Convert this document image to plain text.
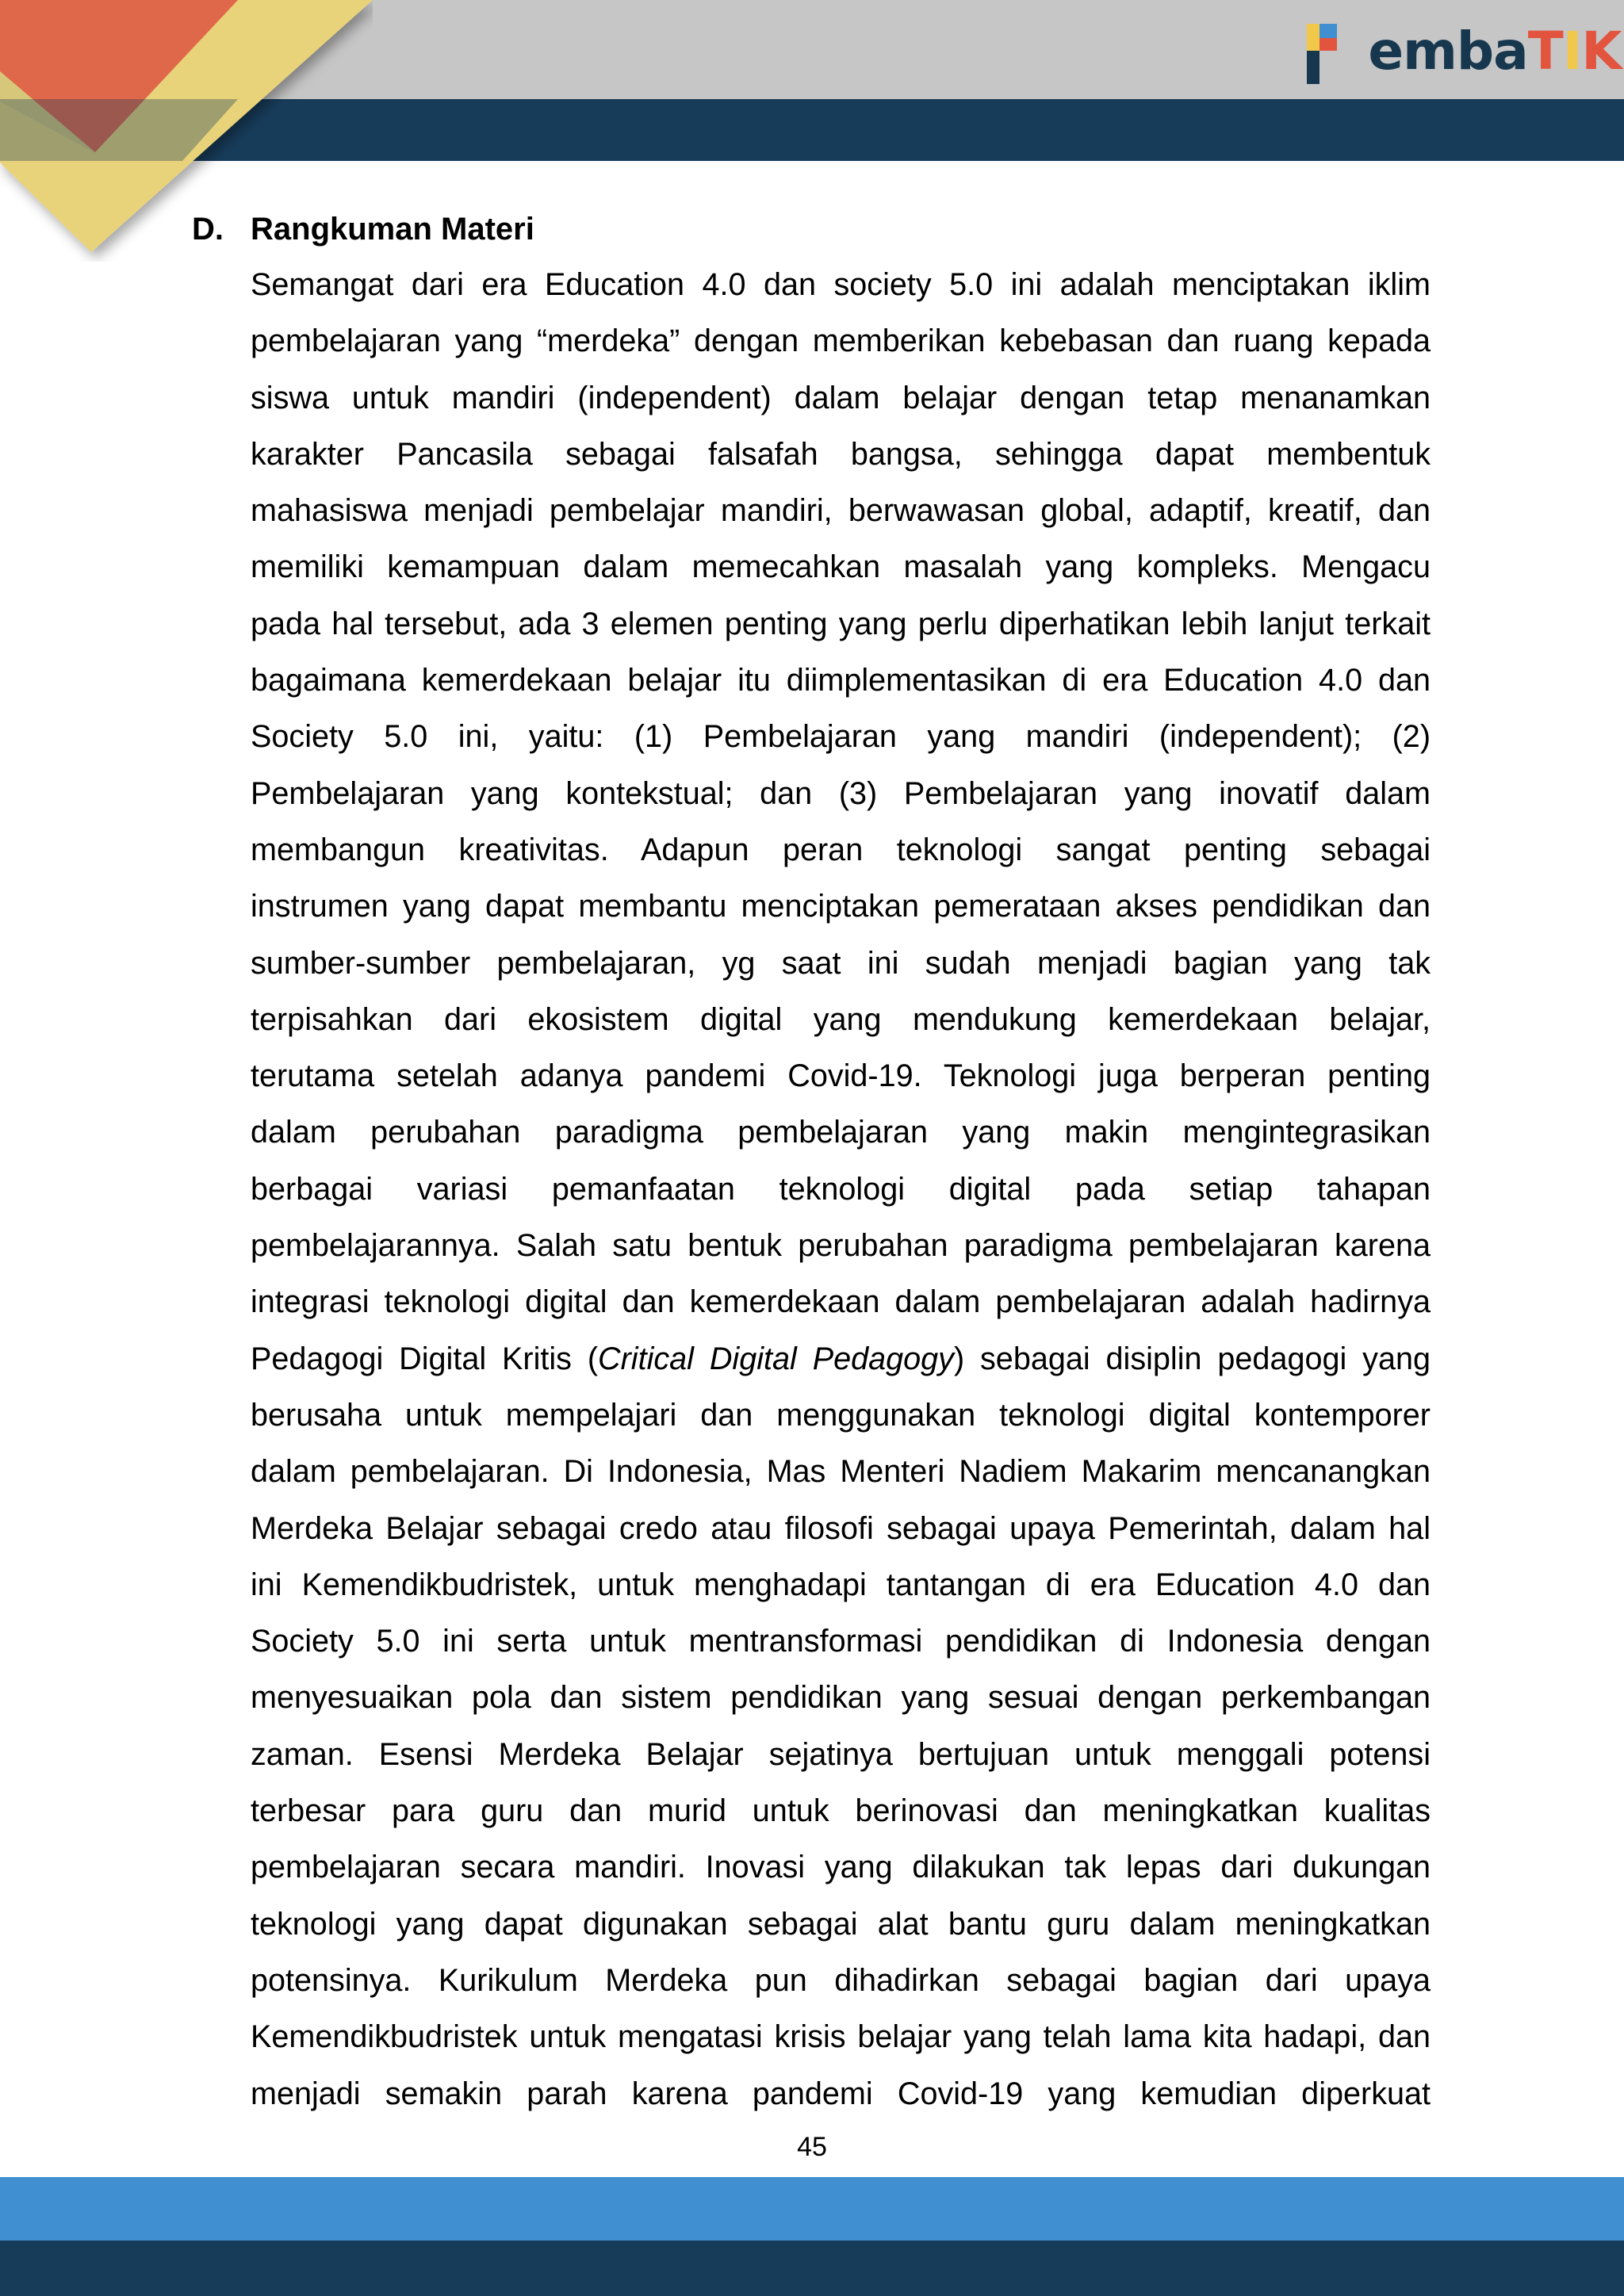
embaTIK
D. Rangkuman Materi
Semangat dari era Education 4.0 dan society 5.0 ini adalah menciptakan iklim
pembelajaran yang “merdeka” dengan memberikan kebebasan dan ruang kepada
siswa untuk mandiri (independent) dalam belajar dengan tetap menanamkan
karakter Pancasila sebagai falsafah bangsa, sehingga dapat membentuk
mahasiswa menjadi pembelajar mandiri, berwawasan global, adaptif, kreatif, dan
memiliki kemampuan dalam memecahkan masalah yang kompleks. Mengacu
pada hal tersebut, ada 3 elemen penting yang perlu diperhatikan lebih lanjut terkait
bagaimana kemerdekaan belajar itu diimplementasikan di era Education 4.0 dan
Society 5.0 ini, yaitu: (1) Pembelajaran yang mandiri (independent); (2)
Pembelajaran yang kontekstual; dan (3) Pembelajaran yang inovatif dalam
membangun kreativitas. Adapun peran teknologi sangat penting sebagai
instrumen yang dapat membantu menciptakan pemerataan akses pendidikan dan
sumber-sumber pembelajaran, yg saat ini sudah menjadi bagian yang tak
terpisahkan dari ekosistem digital yang mendukung kemerdekaan belajar,
terutama setelah adanya pandemi Covid-19. Teknologi juga berperan penting
dalam perubahan paradigma pembelajaran yang makin mengintegrasikan
berbagai variasi pemanfaatan teknologi digital pada setiap tahapan
pembelajarannya. Salah satu bentuk perubahan paradigma pembelajaran karena
integrasi teknologi digital dan kemerdekaan dalam pembelajaran adalah hadirnya
Pedagogi Digital Kritis (Critical Digital Pedagogy) sebagai disiplin pedagogi yang
berusaha untuk mempelajari dan menggunakan teknologi digital kontemporer
dalam pembelajaran. Di Indonesia, Mas Menteri Nadiem Makarim mencanangkan
Merdeka Belajar sebagai credo atau filosofi sebagai upaya Pemerintah, dalam hal
ini Kemendikbudristek, untuk menghadapi tantangan di era Education 4.0 dan
Society 5.0 ini serta untuk mentransformasi pendidikan di Indonesia dengan
menyesuaikan pola dan sistem pendidikan yang sesuai dengan perkembangan
zaman. Esensi Merdeka Belajar sejatinya bertujuan untuk menggali potensi
terbesar para guru dan murid untuk berinovasi dan meningkatkan kualitas
pembelajaran secara mandiri. Inovasi yang dilakukan tak lepas dari dukungan
teknologi yang dapat digunakan sebagai alat bantu guru dalam meningkatkan
potensinya. Kurikulum Merdeka pun dihadirkan sebagai bagian dari upaya
Kemendikbudristek untuk mengatasi krisis belajar yang telah lama kita hadapi, dan
menjadi semakin parah karena pandemi Covid-19 yang kemudian diperkuat
45
